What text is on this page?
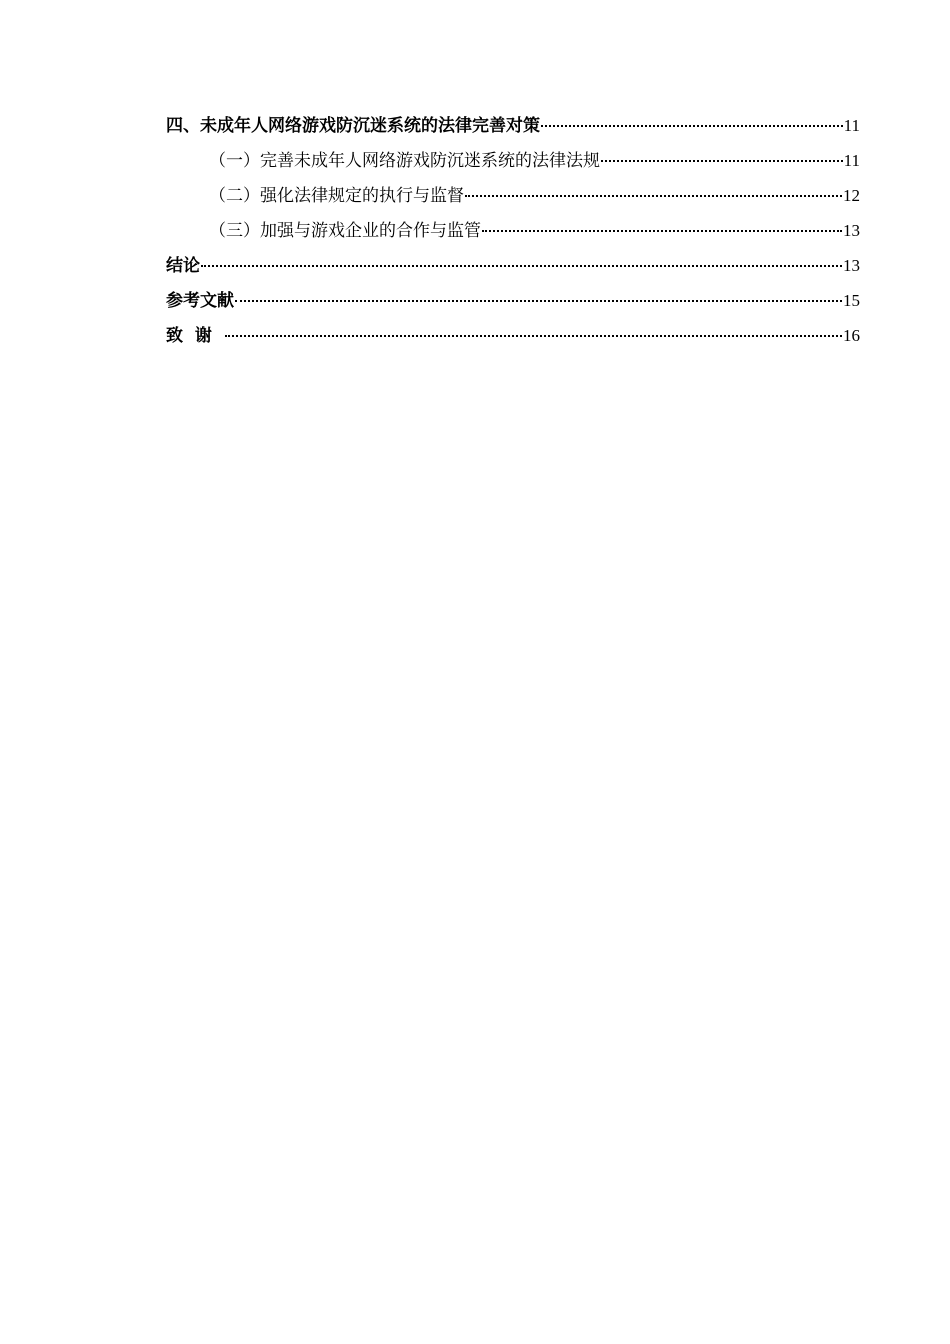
四、未成年人网络游戏防沉迷系统的法律完善对策	11
（一）完善未成年人网络游戏防沉迷系统的法律法规	11
（二）强化法律规定的执行与监督	12
（三）加强与游戏企业的合作与监管	13
结论	13
参考文献	15
致谢	16
